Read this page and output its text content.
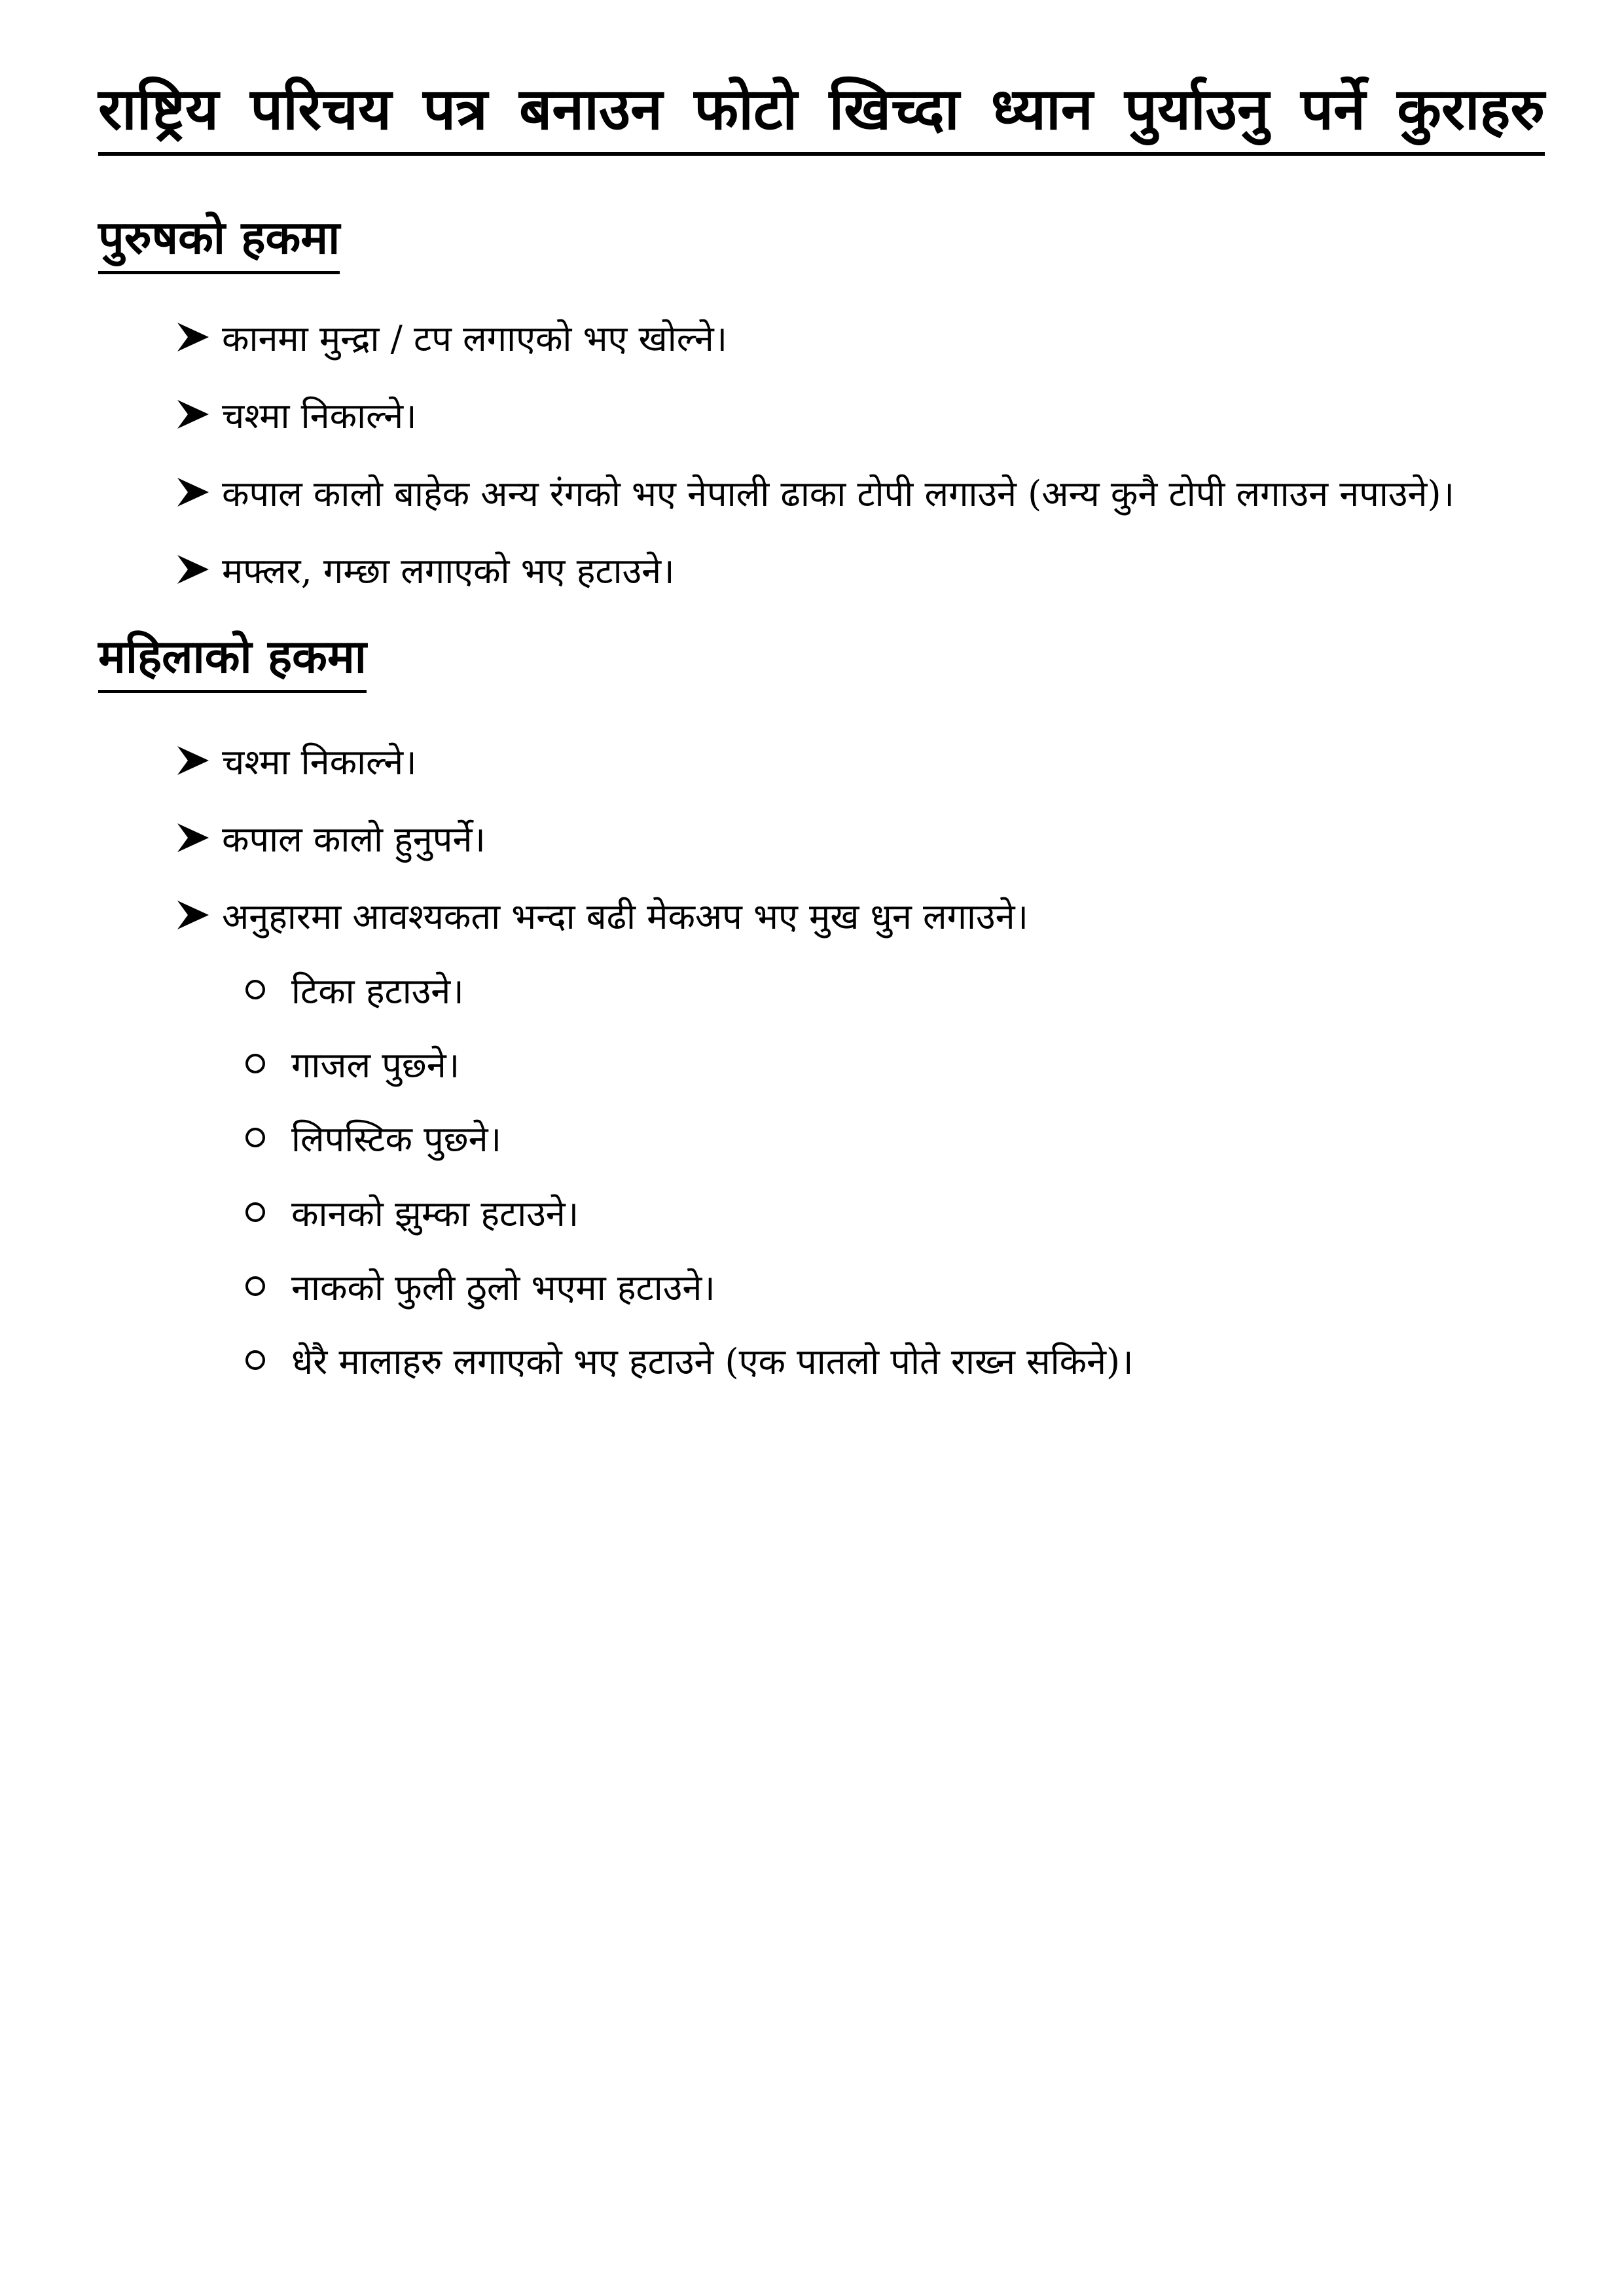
राष्ट्रिय परिचय पत्र बनाउन फोटो खिच्दा ध्यान पुर्याउनु पर्ने कुराहरु
पुरुषको हकमा
कानमा मुन्द्रा / टप लगाएको भए खोल्ने।
चश्मा निकाल्ने।
कपाल कालो बाहेक अन्य रंगको भए नेपाली ढाका टोपी लगाउने (अन्य कुनै टोपी लगाउन नपाउने)।
मफ्लर, गम्छा लगाएको भए हटाउने।
महिलाको हकमा
चश्मा निकाल्ने।
कपाल कालो हुनुपर्ने।
अनुहारमा आवश्यकता भन्दा बढी मेकअप भए मुख धुन लगाउने।
टिका हटाउने।
गाजल पुछ्ने।
लिपस्टिक पुछ्ने।
कानको झुम्का हटाउने।
नाकको फुली ठुलो भएमा हटाउने।
धेरै मालाहरु लगाएको भए हटाउने (एक पातलो पोते राख्न सकिने)।
